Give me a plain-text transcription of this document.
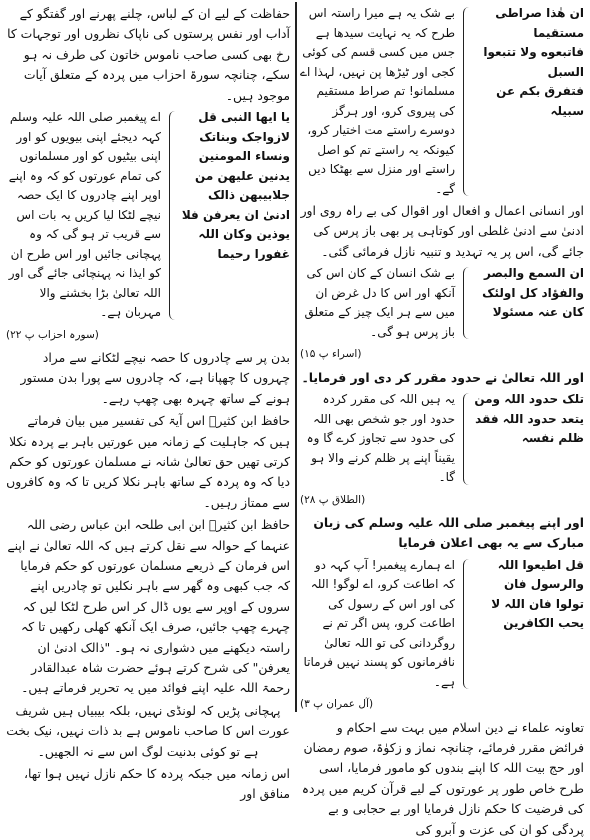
ان هٰذا صراطی مستقیما
فاتبعوه ولا تتبعوا السبل
فتفرق بکم عن سبیلہ
بے شک یہ ہے میرا راستہ اس طرح کہ یہ نہایت سیدھا ہے جس میں کسی قسم کی کوئی کجی اور ٹیڑھا پن نہیں، لہذا اے مسلمانو! تم صراط مستقیم کی پیروی کرو، اور ہرگز دوسرے راستے مت اختیار کرو، کیونکہ یہ راستے تم کو اصل راستے اور منزل سے بھٹکا دیں گے۔

اور انسانی اعمال و افعال اور اقوال کی بے راہ روی اور ادنیٰ سے ادنیٰ غلطی اور کوتاہی پر بھی باز پرس کی جائے گی، اس پر یہ تہدید و تنبیہ نازل فرمائی گئی۔

ان السمع والبصر والفؤاد کل اولئک کان عنہ مسئولا
بے شک انسان کے کان اس کی آنکھ اور اس کا دل غرض ان میں سے ہر ایک چیز کے متعلق باز پرس ہو گی۔

(اسراء پ ۱۵)

اور اللہ تعالیٰ نے حدود مقرر کر دی اور فرمایا۔

تلک حدود اللہ ومن یتعد حدود اللہ فقد ظلم نفسہ
یہ ہیں اللہ کی مقرر کردہ حدود اور جو شخص بھی اللہ کی حدود سے تجاوز کرے گا وہ یقیناً اپنے پر ظلم کرنے والا ہو گا۔

(الطلاق پ ۲۸)

اور اپنے پیغمبر صلی اللہ علیہ وسلم کی زبان مبارک سے یہ بھی اعلان فرمایا

قل اطیعوا اللہ والرسول فان تولوا فان اللہ لا یحب الکافرین
اے ہمارے پیغمبر! آپ کہہ دو کہ اطاعت کرو، اے لوگو! اللہ کی اور اس کے رسول کی اطاعت کرو، پس اگر تم نے روگردانی کی تو اللہ تعالیٰ نافرمانوں کو پسند نہیں فرماتا ہے۔

(آل عمران پ ۳)

تعاونہ علماء نے دین اسلام میں بہت سے احکام و فرائض مقرر فرمائے، چنانچہ نماز و زکوٰۃ، صوم رمضان اور حج بیت اللہ کا اپنے بندوں کو مامور فرمایا، اسی طرح خاص طور پر عورتوں کے لیے قرآن کریم میں پردہ کی فرضیت کا حکم نازل فرمایا اور بے حجابی و بے پردگی کو ان کی عزت و آبرو کی

حفاظت کے لیے ان کے لباس، چلنے پھرنے اور گفتگو کے آداب اور نفس پرستوں کی ناپاک نظروں اور توجہات کا رخ بھی کسی صاحب ناموس خاتون کی طرف نہ ہو سکے، چنانچہ سورۃ احزاب میں پردہ کے متعلق آیات موجود ہیں۔

یا ایھا النبی قل لازواجک وبناتک ونساء المومنین یدنین علیھن من جلابیبھن ذالک ادنیٰ ان یعرفن فلا یوذین وکان اللہ غفورا رحیما
اے پیغمبر صلی اللہ علیہ وسلم کہہ دیجئے اپنی بیویوں کو اور اپنی بیٹیوں کو اور مسلمانوں کی تمام عورتوں کو کہ وہ اپنے اوپر اپنے چادروں کا ایک حصہ نیچے لٹکا لیا کریں یہ بات اس سے قریب تر ہو گی کہ وہ پہچانی جائیں اور اس طرح ان کو ایذا نہ پہنچائی جائے گی اور اللہ تعالیٰ بڑا بخشنے والا مہربان ہے۔

(سورہ احزاب پ ۲۲)

بدن پر سے چادروں کا حصہ نیچے لٹکانے سے مراد چہروں کا چھپانا ہے، کہ چادروں سے پورا بدن مستور ہونے کے ساتھ چہرہ بھی چھپ رہے۔

حافظ ابن کثیرؒ اس آیۃ کی تفسیر میں بیان فرماتے ہیں کہ جاہلیت کے زمانہ میں عورتیں باہر بے پردہ نکلا کرتی تھیں حق تعالیٰ شانہ نے مسلمان عورتوں کو حکم دیا کہ وہ پردہ کے ساتھ باہر نکلا کریں تا کہ وہ کافروں سے ممتاز رہیں۔

حافظ ابن کثیرؒ ابن ابی طلحہ ابن عباس رضی اللہ عنہما کے حوالہ سے نقل کرتے ہیں کہ اللہ تعالیٰ نے اپنے اس فرمان کے ذریعے مسلمان عورتوں کو حکم فرمایا کہ جب کبھی وہ گھر سے باہر نکلیں تو چادریں اپنے سروں کے اوپر سے یوں ڈال کر اس طرح لٹکا لیں کہ چہرے چھپ جائیں، صرف ایک آنکھ کھلی رکھیں تا کہ راستہ دیکھنے میں دشواری نہ ہو۔ "ذالک ادنیٰ ان یعرفن" کی شرح کرتے ہوئے حضرت شاہ عبدالقادر رحمۃ اللہ علیہ اپنے فوائد میں یہ تحریر فرماتے ہیں۔

پہچانی پڑیں کہ لونڈی نہیں، بلکہ بیبیاں ہیں شریف عورت اس کا صاحب ناموس ہے بد ذات نہیں، نیک بخت ہے تو کوئی بدنیت لوگ اس سے نہ الجھیں۔

اس زمانہ میں جبکہ پردہ کا حکم نازل نہیں ہوا تھا، منافق اور
